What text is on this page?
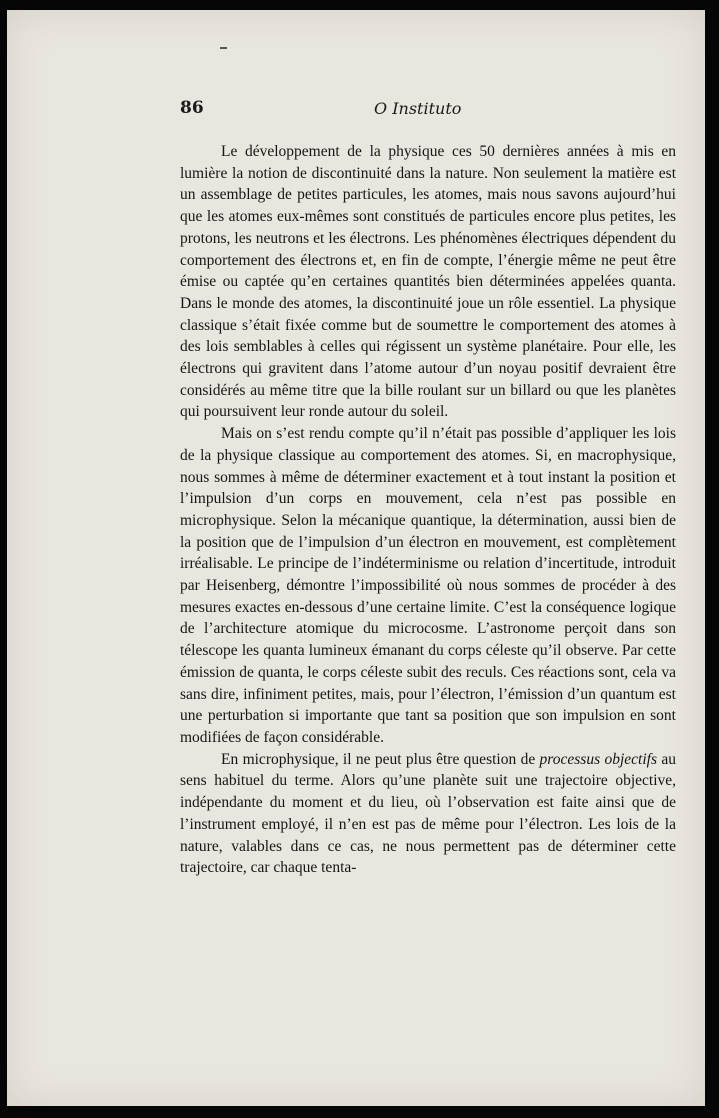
86	O Instituto

Le développement de la physique ces 50 dernières années à mis en lumière la notion de discontinuité dans la nature. Non seulement la matière est un assemblage de petites particules, les atomes, mais nous savons aujourd’hui que les atomes eux-mêmes sont constitués de particules encore plus petites, les protons, les neutrons et les électrons. Les phénomènes électriques dépendent du comportement des électrons et, en fin de compte, l’énergie même ne peut être émise ou captée qu’en certaines quantités bien déterminées appelées quanta. Dans le monde des atomes, la discontinuité joue un rôle essentiel. La physique classique s’était fixée comme but de soumettre le comportement des atomes à des lois semblables à celles qui régissent un système planétaire. Pour elle, les électrons qui gravitent dans l’atome autour d’un noyau positif devraient être considérés au même titre que la bille roulant sur un billard ou que les planètes qui poursuivent leur ronde autour du soleil.

Mais on s’est rendu compte qu’il n’était pas possible d’appliquer les lois de la physique classique au comportement des atomes. Si, en macrophysique, nous sommes à même de déterminer exactement et à tout instant la position et l’impulsion d’un corps en mouvement, cela n’est pas possible en microphysique. Selon la mécanique quantique, la détermination, aussi bien de la position que de l’impulsion d’un électron en mouvement, est complètement irréalisable. Le principe de l’indéterminisme ou relation d’incertitude, introduit par Heisenberg, démontre l’impossibilité où nous sommes de procéder à des mesures exactes en-dessous d’une certaine limite. C’est la conséquence logique de l’architecture atomique du microcosme. L’astronome perçoit dans son télescope les quanta lumineux émanant du corps céleste qu’il observe. Par cette émission de quanta, le corps céleste subit des reculs. Ces réactions sont, cela va sans dire, infiniment petites, mais, pour l’électron, l’émission d’un quantum est une perturbation si importante que tant sa position que son impulsion en sont modifiées de façon considérable.

En microphysique, il ne peut plus être question de processus objectifs au sens habituel du terme. Alors qu’une planète suit une trajectoire objective, indépendante du moment et du lieu, où l’observation est faite ainsi que de l’instrument employé, il n’en est pas de même pour l’électron. Les lois de la nature, valables dans ce cas, ne nous permettent pas de déterminer cette trajectoire, car chaque tenta-
